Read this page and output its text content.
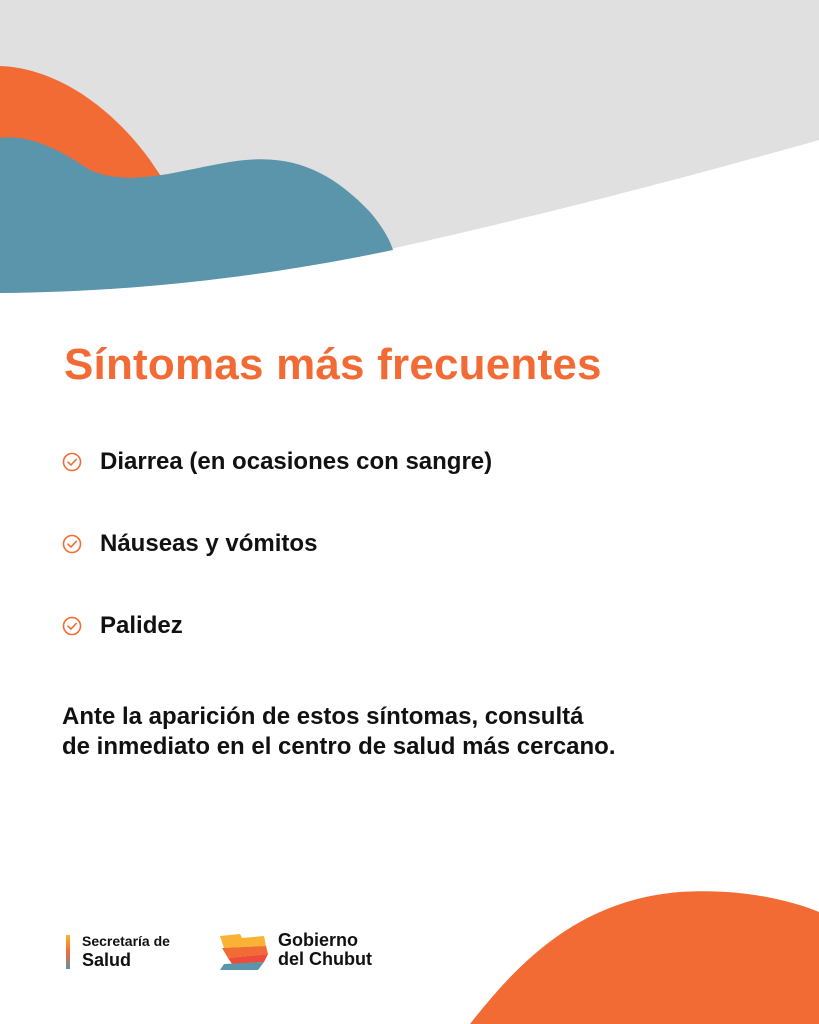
Síntomas más frecuentes
Diarrea (en ocasiones con sangre)
Náuseas y vómitos
Palidez

Ante la aparición de estos síntomas, consultá
de inmediato en el centro de salud más cercano.

Secretaría de
Salud
Gobierno
del Chubut
